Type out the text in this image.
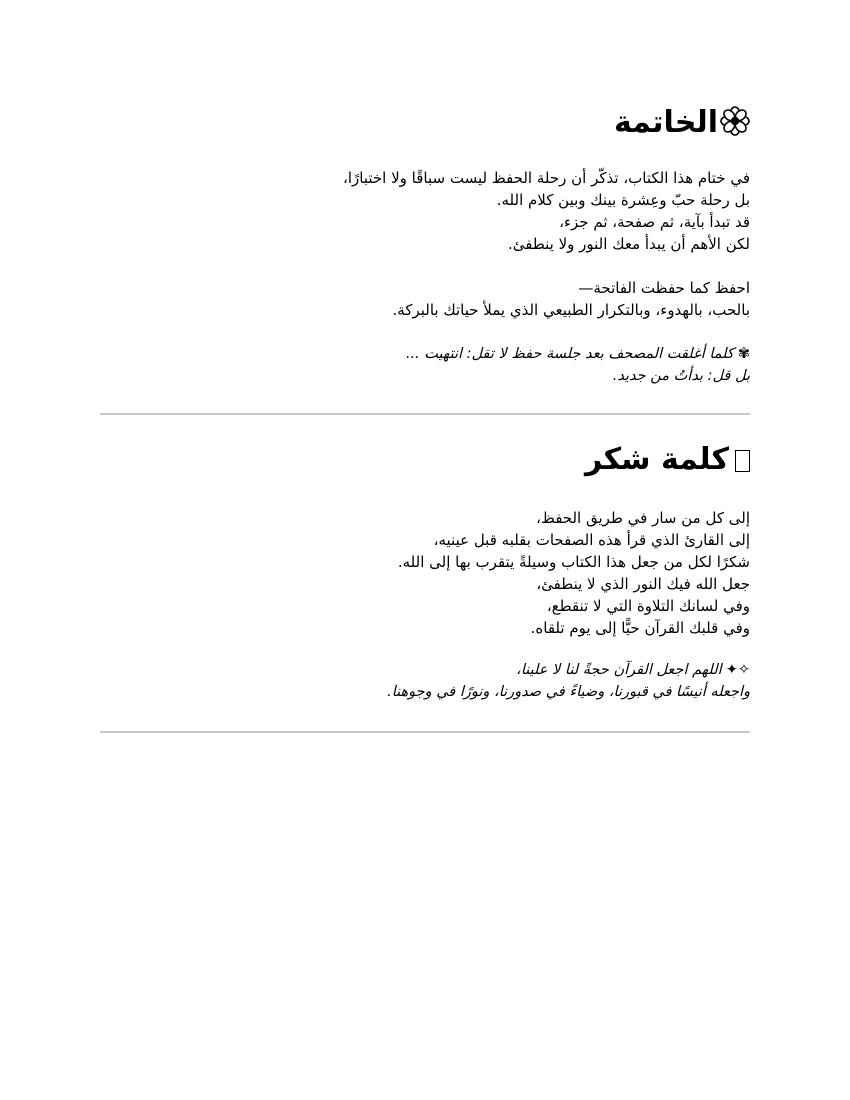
الخاتمة

في ختام هذا الكتاب، تذكّر أن رحلة الحفظ ليست سباقًا ولا اختبارًا،
بل رحلة حبّ وعِشرة بينك وبين كلام الله.
قد تبدأ بآية، ثم صفحة، ثم جزء،
لكن الأهم أن يبدأ معك النور ولا ينطفئ.

احفظ كما حفظت الفاتحة—
بالحب، بالهدوء، وبالتكرار الطبيعي الذي يملأ حياتك بالبركة.

✾كلما أغلقت المصحف بعد جلسة حفظ لا تقل: انتهيت ...
بل قل: بدأتُ من جديد.

كلمة شكر

إلى كل من سار في طريق الحفظ،
إلى القارئ الذي قرأ هذه الصفحات بقلبه قبل عينيه،
شكرًا لكل من جعل هذا الكتاب وسيلةً يتقرب بها إلى الله.
جعل الله فيك النور الذي لا ينطفئ،
وفي لسانك التلاوة التي لا تنقطع،
وفي قلبك القرآن حيًّا إلى يوم تلقاه.

✧✦اللهم اجعل القرآن حجةً لنا لا علينا،
واجعله أنيسًا في قبورنا، وضياءً في صدورنا، ونورًا في وجوهنا.
